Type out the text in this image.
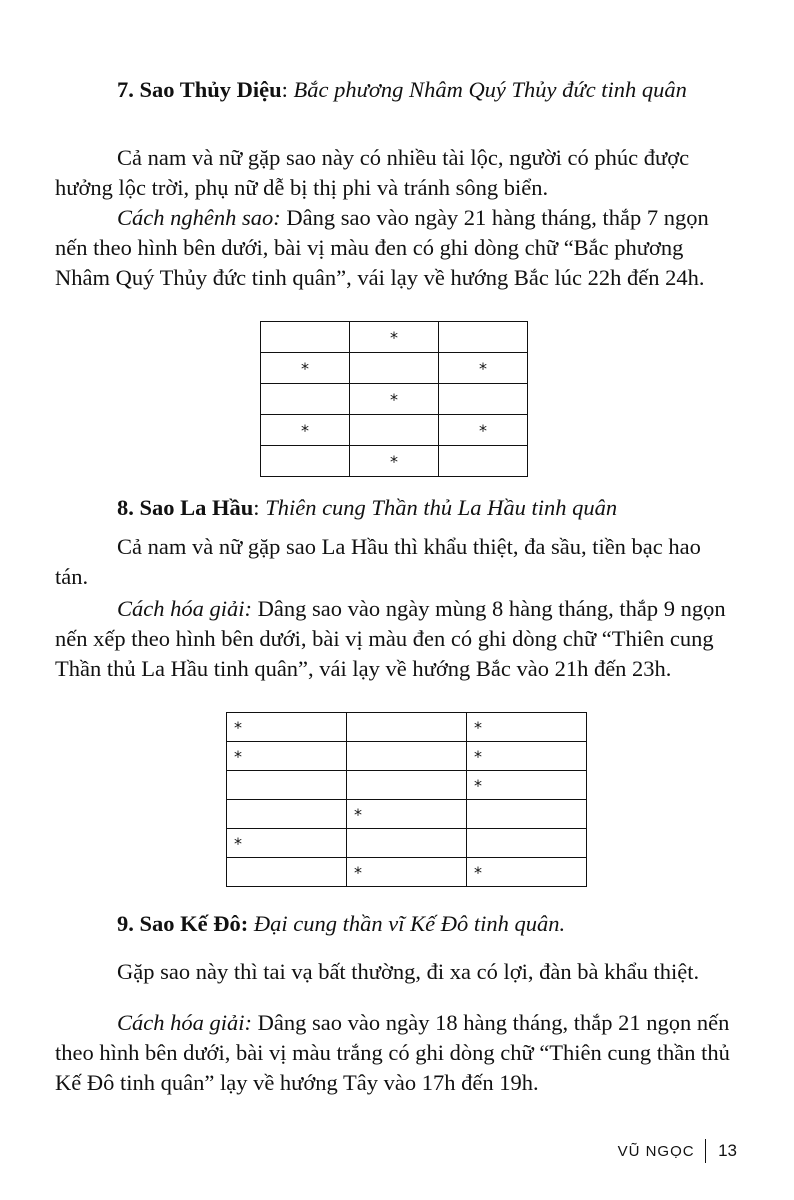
7. Sao Thủy Diệu: Bắc phương Nhâm Quý Thủy đức tinh quân

Cả nam và nữ gặp sao này có nhiều tài lộc, người có phúc được hưởng lộc trời, phụ nữ dễ bị thị phi và tránh sông biển.

Cách nghênh sao: Dâng sao vào ngày 21 hàng tháng, thắp 7 ngọn nến theo hình bên dưới, bài vị màu đen có ghi dòng chữ “Bắc phương Nhâm Quý Thủy đức tinh quân”, vái lạy về hướng Bắc lúc 22h đến 24h.

	*	
*		*
	*	
*		*
	*	

8. Sao La Hầu: Thiên cung Thần thủ La Hầu tinh quân

Cả nam và nữ gặp sao La Hầu thì khẩu thiệt, đa sầu, tiền bạc hao tán.

Cách hóa giải: Dâng sao vào ngày mùng 8 hàng tháng, thắp 9 ngọn nến xếp theo hình bên dưới, bài vị màu đen có ghi dòng chữ “Thiên cung Thần thủ La Hầu tinh quân”, vái lạy về hướng Bắc vào 21h đến 23h.

*		*
*		*
		*
	*	
*		
	*	*

9. Sao Kế Đô: Đại cung thần vĩ Kế Đô tinh quân.

Gặp sao này thì tai vạ bất thường, đi xa có lợi, đàn bà khẩu thiệt.

Cách hóa giải: Dâng sao vào ngày 18 hàng tháng, thắp 21 ngọn nến theo hình bên dưới, bài vị màu trắng có ghi dòng chữ “Thiên cung thần thủ Kế Đô tinh quân” lạy về hướng Tây vào 17h đến 19h.

VŨ NGỌC 13
